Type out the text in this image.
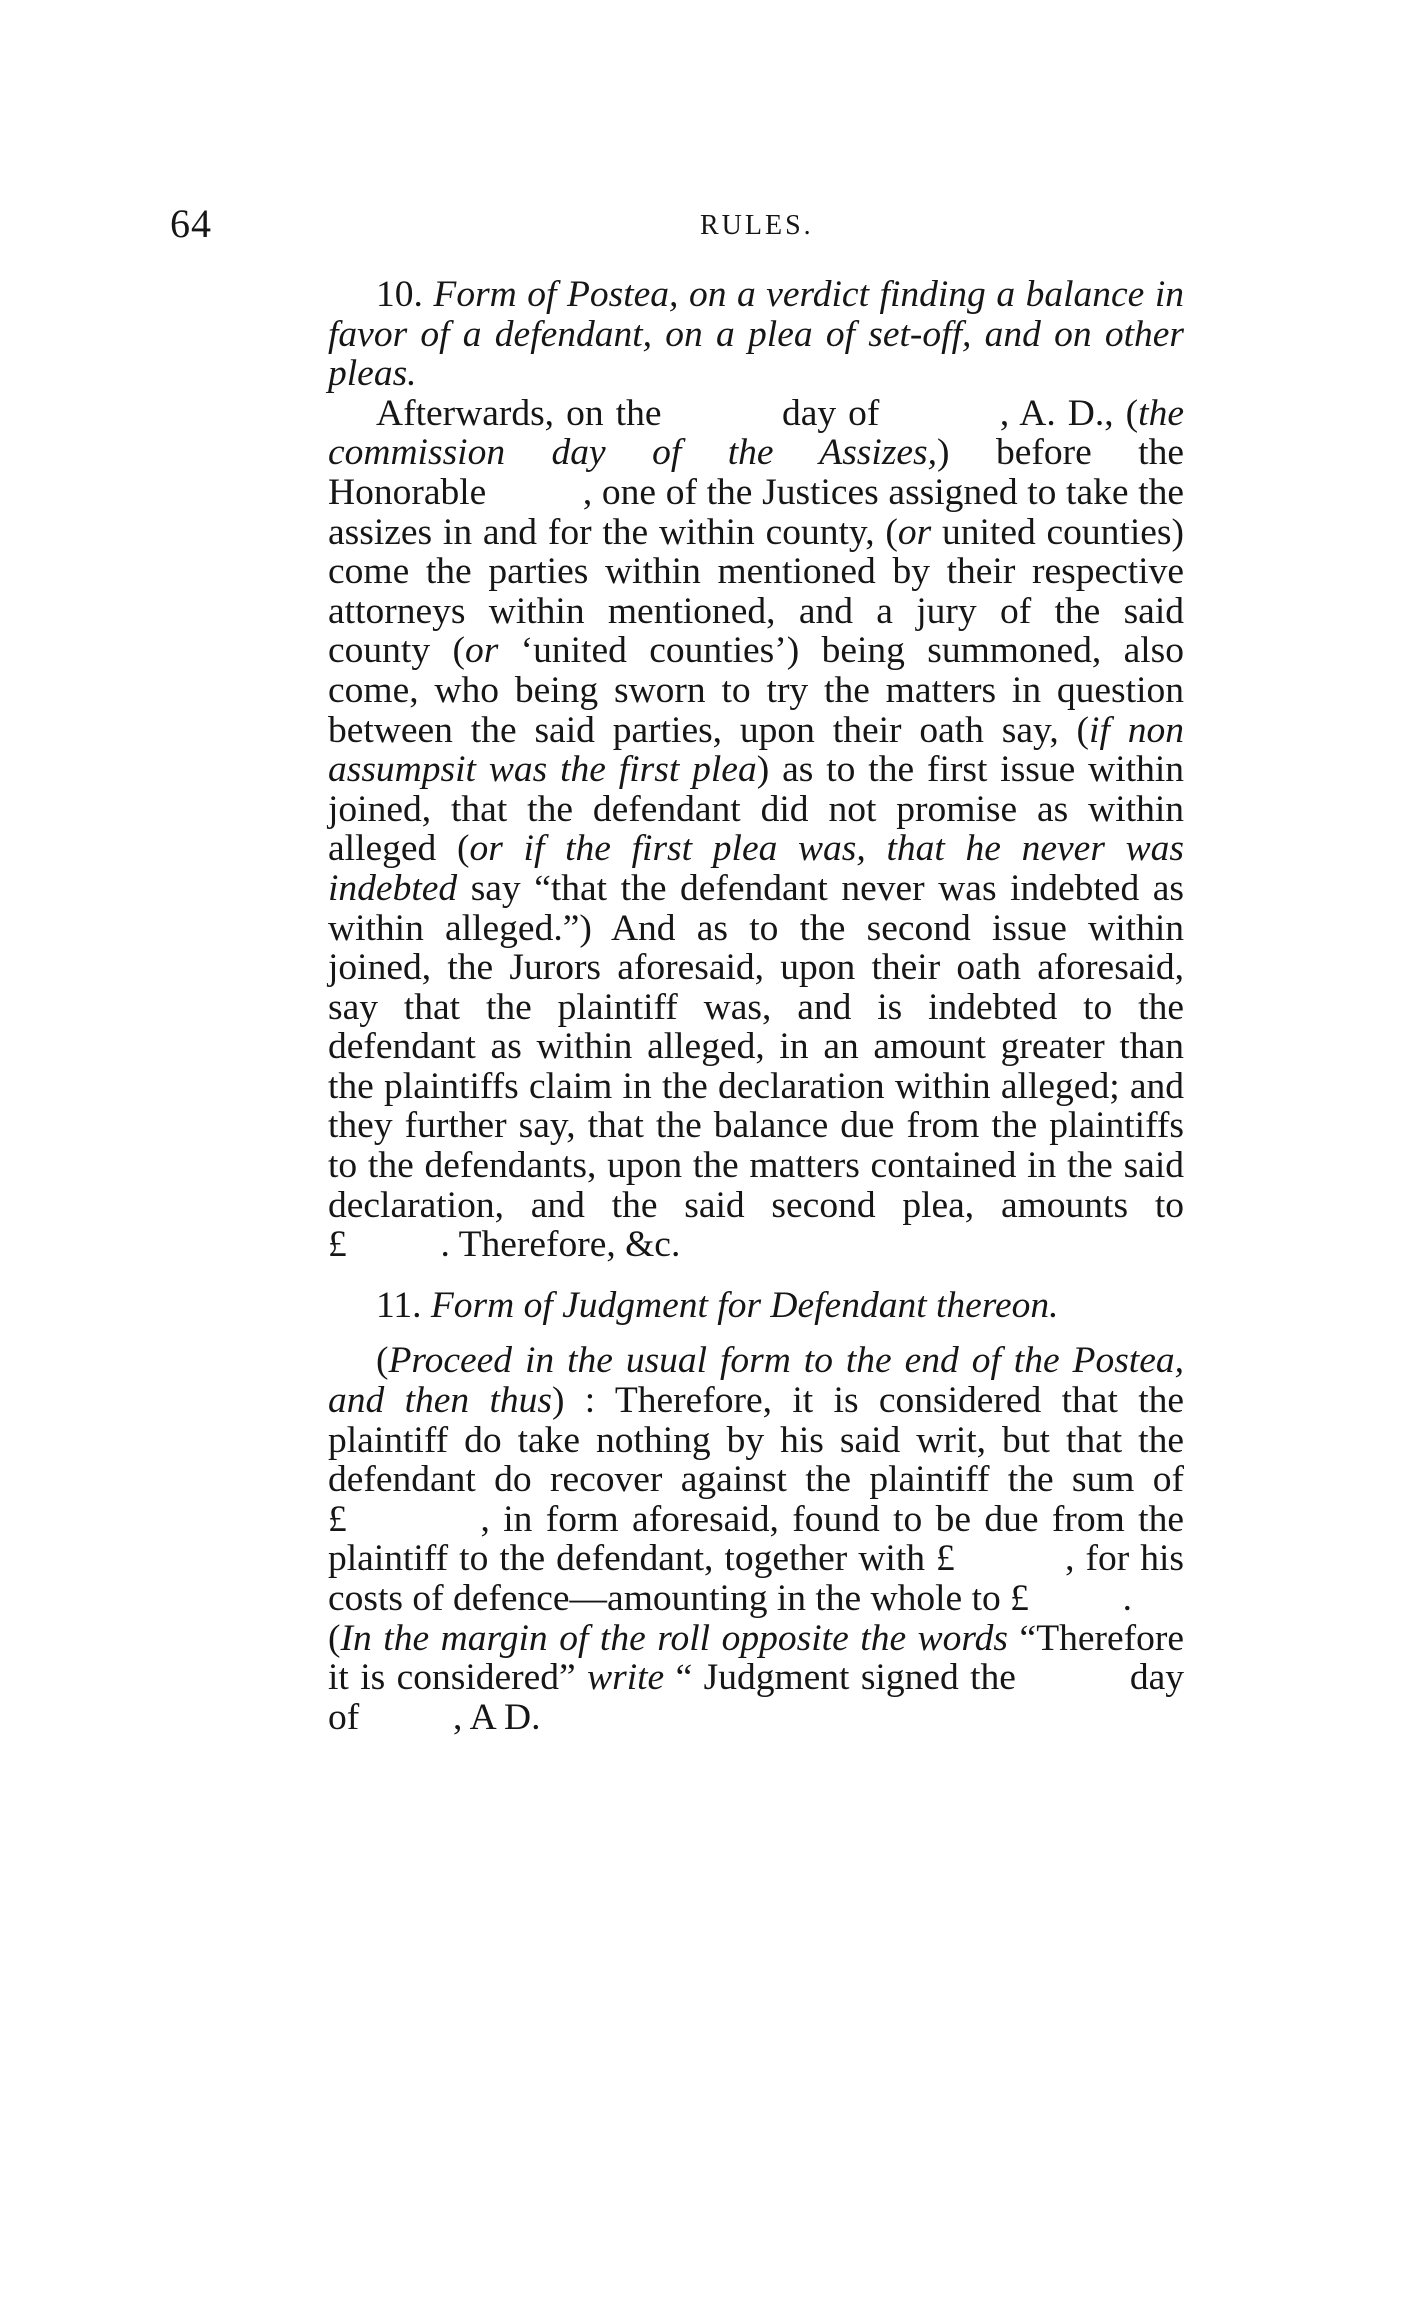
64	RULES.

10. Form of Postea, on a verdict finding a balance in favor of a defendant, on a plea of set-off, and on other pleas.

Afterwards, on the          day of          , A. D., (the commission day of the Assizes,) before the Honorable          , one of the Justices assigned to take the assizes in and for the within county, (or united counties) come the parties within mentioned by their respective attorneys within mentioned, and a jury of the said county (or ‘united counties’) being summoned, also come, who being sworn to try the matters in question between the said parties, upon their oath say, (if non assumpsit was the first plea) as to the first issue within joined, that the defendant did not promise as within alleged (or if the first plea was, that he never was indebted say “that the defendant never was indebted as within alleged.”) And as to the second issue within joined, the Jurors aforesaid, upon their oath aforesaid, say that the plaintiff was, and is indebted to the defendant as within alleged, in an amount greater than the plaintiffs claim in the declaration within alleged; and they further say, that the balance due from the plaintiffs to the defendants, upon the matters contained in the said declaration, and the said second plea, amounts to £          . Therefore, &c.

11. Form of Judgment for Defendant thereon.

(Proceed in the usual form to the end of the Postea, and then thus) : Therefore, it is considered that the plaintiff do take nothing by his said writ, but that the defendant do recover against the plaintiff the sum of £          , in form aforesaid, found to be due from the plaintiff to the defendant, together with £          , for his costs of defence—amounting in the whole to £          .

(In the margin of the roll opposite the words “Therefore it is considered” write “ Judgment signed the          day of          , A D.
